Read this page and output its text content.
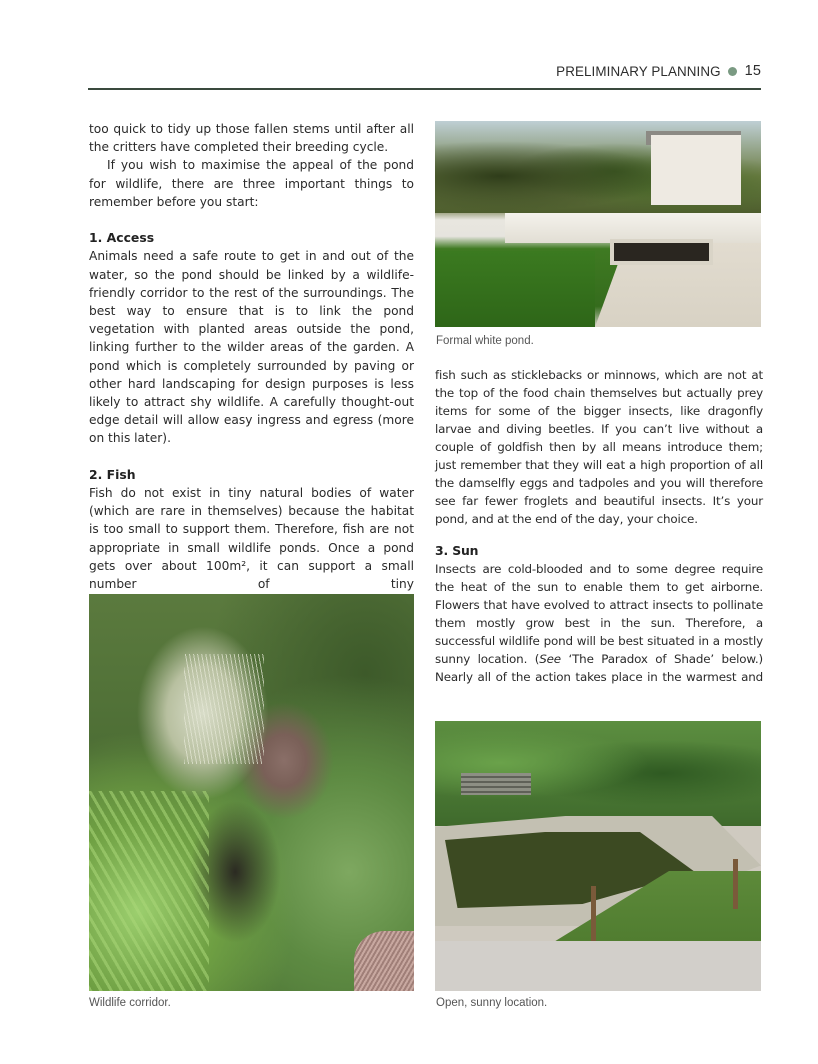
PRELIMINARY PLANNING 15

too quick to tidy up those fallen stems until after all the critters have completed their breeding cycle.

If you wish to maximise the appeal of the pond for wildlife, there are three important things to remember before you start:

1. Access

Animals need a safe route to get in and out of the water, so the pond should be linked by a wildlife-friendly corridor to the rest of the surroundings. The best way to ensure that is to link the pond vegetation with planted areas outside the pond, linking further to the wilder areas of the garden. A pond which is completely surrounded by paving or other hard landscaping for design purposes is less likely to attract shy wildlife. A carefully thought-out edge detail will allow easy ingress and egress (more on this later).

2. Fish

Fish do not exist in tiny natural bodies of water (which are rare in themselves) because the habitat is too small to support them. Therefore, fish are not appropriate in small wildlife ponds. Once a pond gets over about 100m², it can support a small number of tiny

Formal white pond.
Wildlife corridor.	Open, sunny location.

fish such as sticklebacks or minnows, which are not at the top of the food chain themselves but actually prey items for some of the bigger insects, like dragonfly larvae and diving beetles. If you can’t live without a couple of goldfish then by all means introduce them; just remember that they will eat a high proportion of all the damselfly eggs and tadpoles and you will therefore see far fewer froglets and beautiful insects. It’s your pond, and at the end of the day, your choice.

3. Sun

Insects are cold-blooded and to some degree require the heat of the sun to enable them to get airborne. Flowers that have evolved to attract insects to pollinate them mostly grow best in the sun. Therefore, a successful wildlife pond will be best situated in a mostly sunny location. (See ‘The Paradox of Shade’ below.) Nearly all of the action takes place in the warmest and
